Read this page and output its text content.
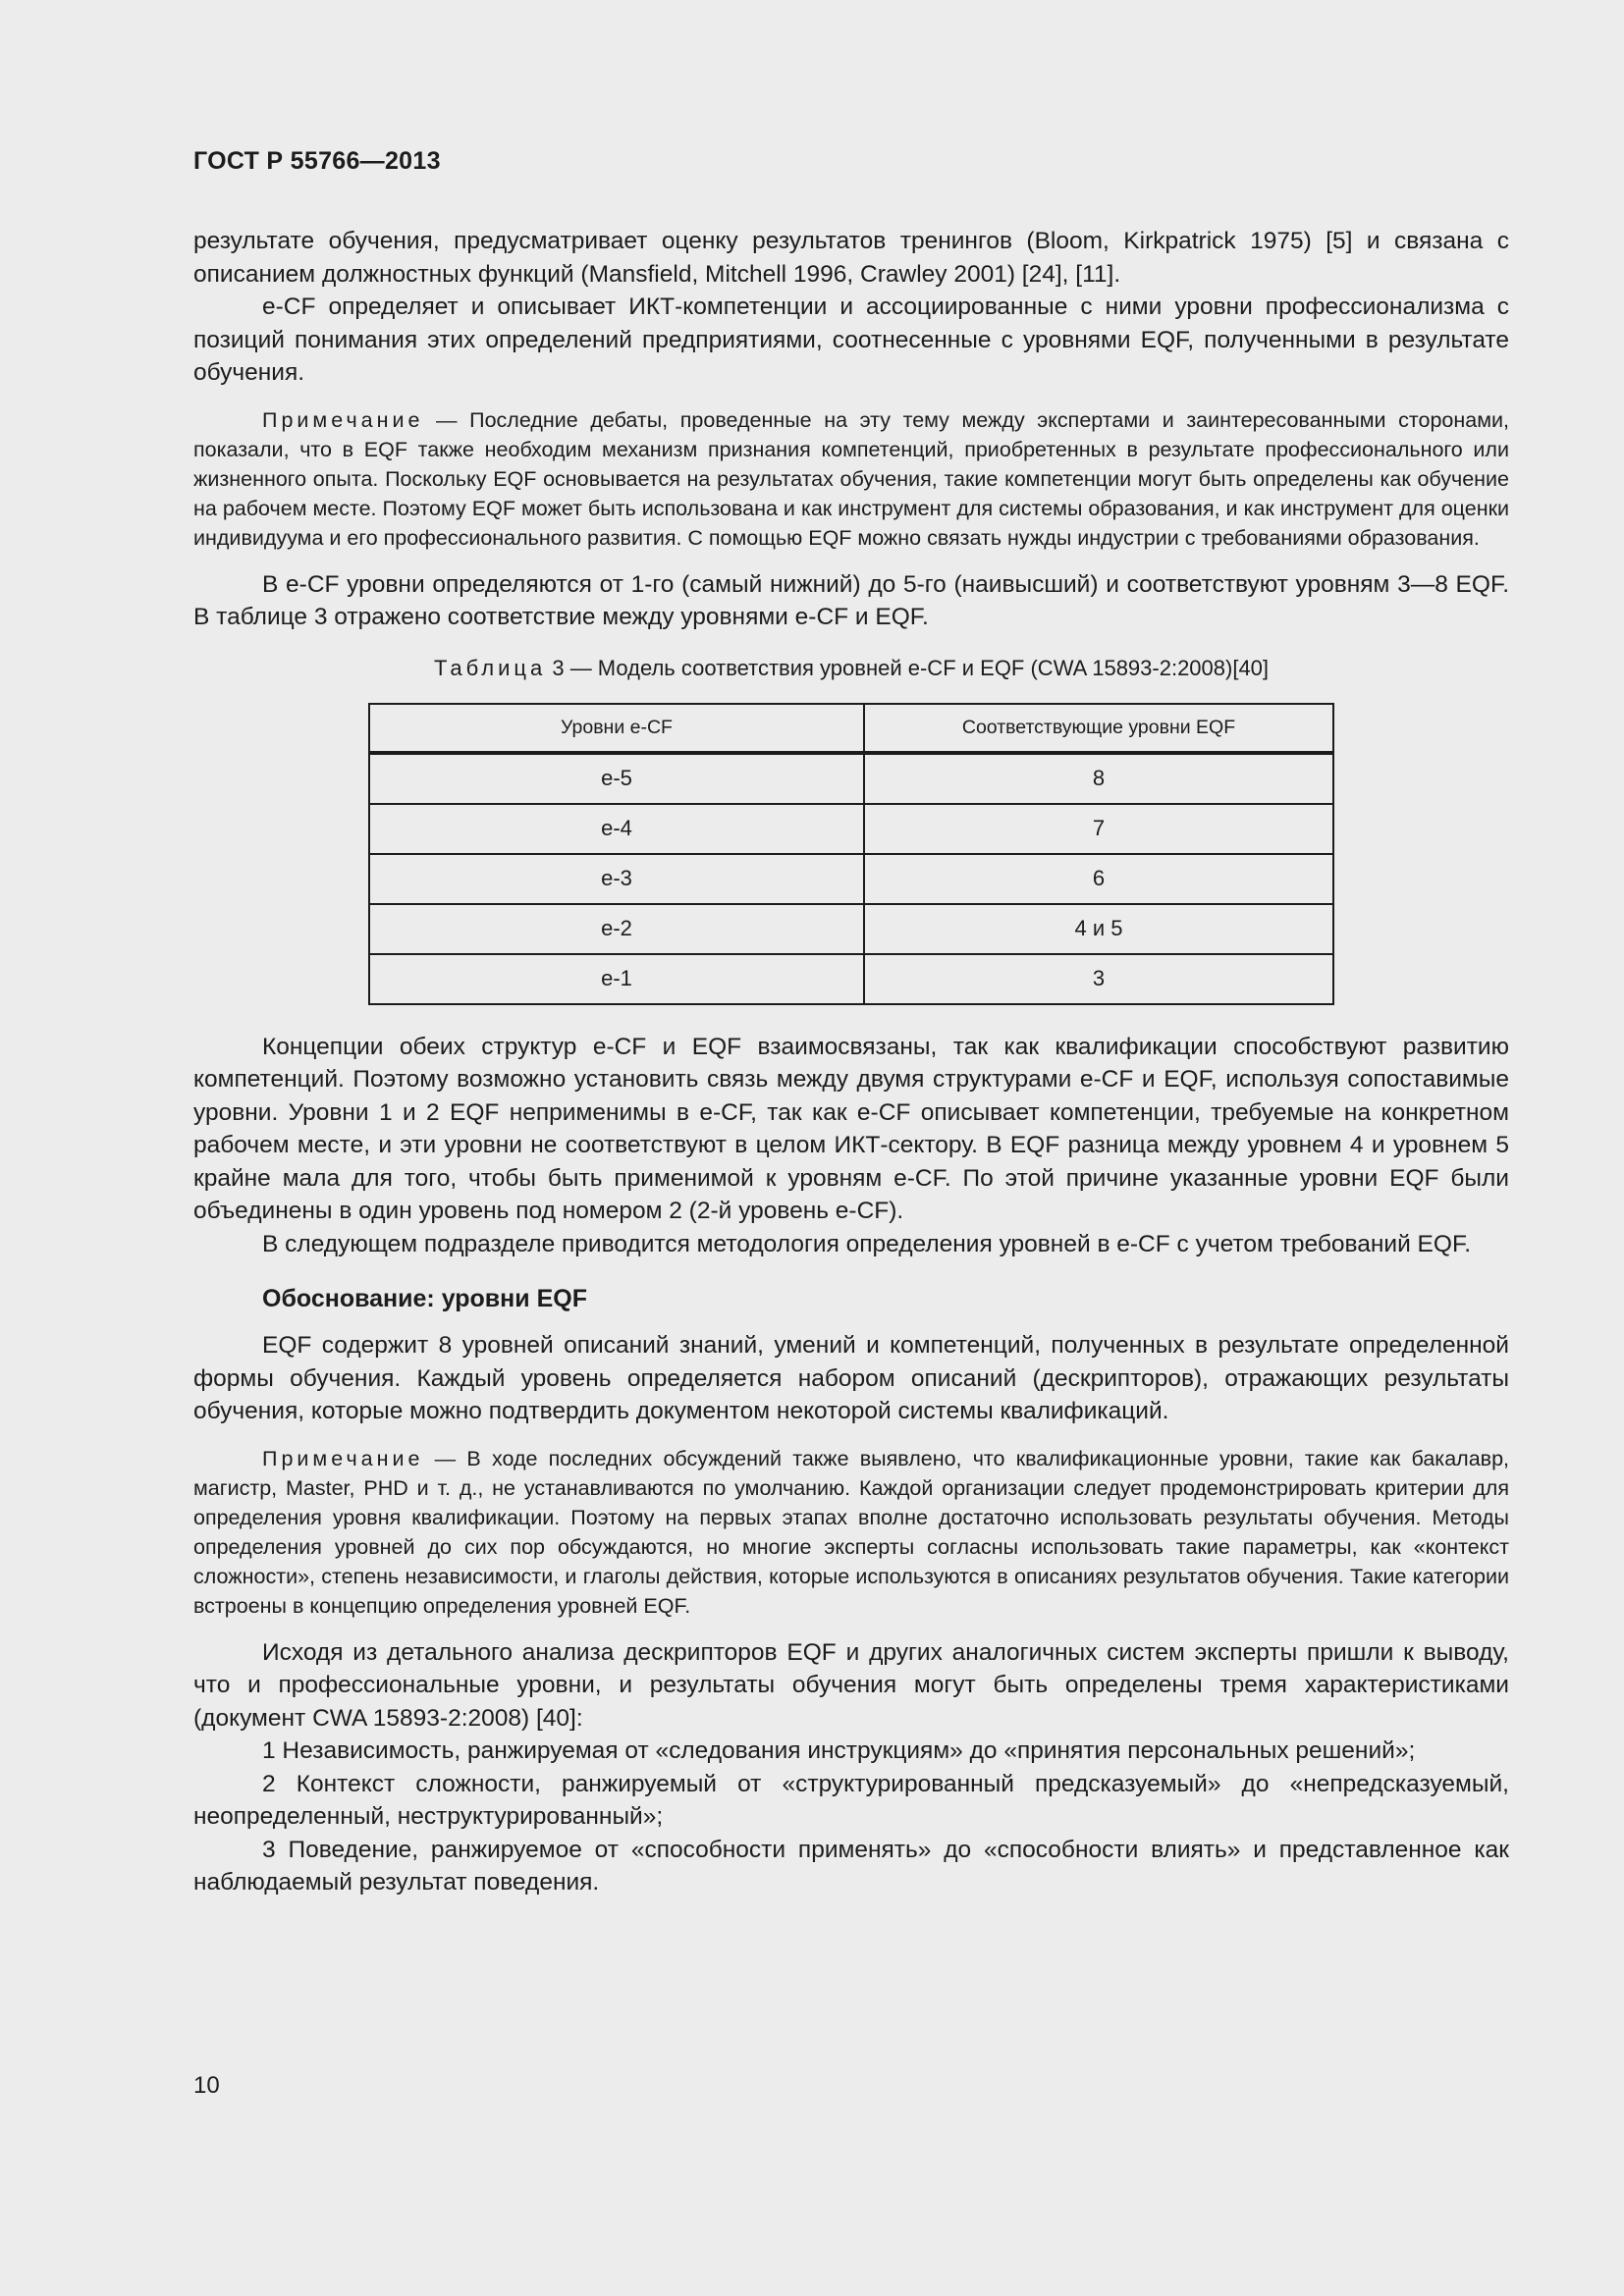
ГОСТ Р 55766—2013

результате обучения, предусматривает оценку результатов тренингов (Bloom, Kirkpatrick 1975) [5] и связана с описанием должностных функций (Mansfield, Mitchell 1996, Crawley 2001) [24], [11].

e-CF определяет и описывает ИКТ-компетенции и ассоциированные с ними уровни профессионализма с позиций понимания этих определений предприятиями, соотнесенные с уровнями EQF, полученными в результате обучения.

Примечание — Последние дебаты, проведенные на эту тему между экспертами и заинтересованными сторонами, показали, что в EQF также необходим механизм признания компетенций, приобретенных в результате профессионального или жизненного опыта. Поскольку EQF основывается на результатах обучения, такие компетенции могут быть определены как обучение на рабочем месте. Поэтому EQF может быть использована и как инструмент для системы образования, и как инструмент для оценки индивидуума и его профессионального развития. С помощью EQF можно связать нужды индустрии с требованиями образования.

В e-CF уровни определяются от 1-го (самый нижний) до 5-го (наивысший) и соответствуют уровням 3—8 EQF. В таблице 3 отражено соответствие между уровнями e-CF и EQF.

Таблица 3 — Модель соответствия уровней e-CF и EQF (CWA 15893-2:2008)[40]
Уровни e-CF	Соответствующие уровни EQF
e-5	8
e-4	7
e-3	6
e-2	4 и 5
e-1	3

Концепции обеих структур e-CF и EQF взаимосвязаны, так как квалификации способствуют развитию компетенций. Поэтому возможно установить связь между двумя структурами e-CF и EQF, используя сопоставимые уровни. Уровни 1 и 2 EQF неприменимы в e-CF, так как e-CF описывает компетенции, требуемые на конкретном рабочем месте, и эти уровни не соответствуют в целом ИКТ-сектору. В EQF разница между уровнем 4 и уровнем 5 крайне мала для того, чтобы быть применимой к уровням e-CF. По этой причине указанные уровни EQF были объединены в один уровень под номером 2 (2-й уровень e-CF).

В следующем подразделе приводится методология определения уровней в e-CF с учетом требований EQF.

Обоснование: уровни EQF

EQF содержит 8 уровней описаний знаний, умений и компетенций, полученных в результате определенной формы обучения. Каждый уровень определяется набором описаний (дескрипторов), отражающих результаты обучения, которые можно подтвердить документом некоторой системы квалификаций.

Примечание — В ходе последних обсуждений также выявлено, что квалификационные уровни, такие как бакалавр, магистр, Master, PHD и т. д., не устанавливаются по умолчанию. Каждой организации следует продемонстрировать критерии для определения уровня квалификации. Поэтому на первых этапах вполне достаточно использовать результаты обучения. Методы определения уровней до сих пор обсуждаются, но многие эксперты согласны использовать такие параметры, как «контекст сложности», степень независимости, и глаголы действия, которые используются в описаниях результатов обучения. Такие категории встроены в концепцию определения уровней EQF.

Исходя из детального анализа дескрипторов EQF и других аналогичных систем эксперты пришли к выводу, что и профессиональные уровни, и результаты обучения могут быть определены тремя характеристиками (документ CWA 15893-2:2008) [40]:

1 Независимость, ранжируемая от «следования инструкциям» до «принятия персональных решений»;

2 Контекст сложности, ранжируемый от «структурированный предсказуемый» до «непредсказуемый, неопределенный, неструктурированный»;

3 Поведение, ранжируемое от «способности применять» до «способности влиять» и представленное как наблюдаемый результат поведения.

10
